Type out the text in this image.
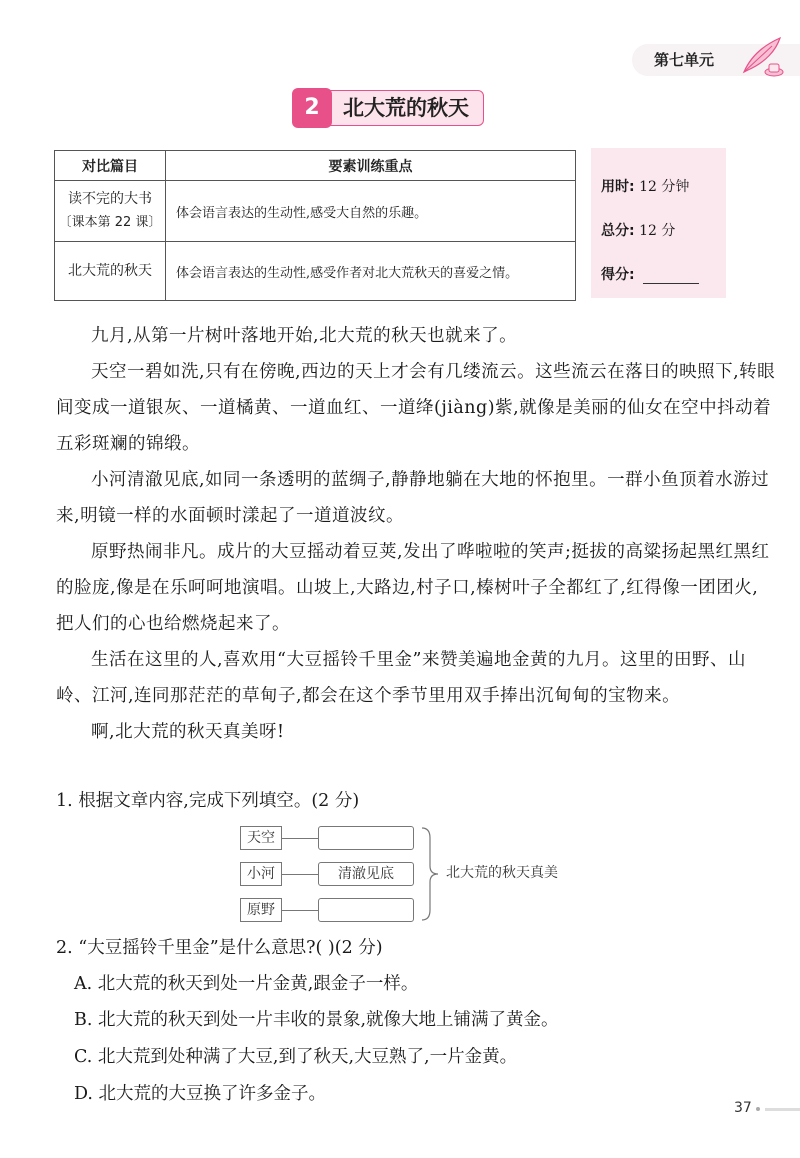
第七单元
北大荒的秋天
2
对比篇目	要素训练重点

读不完的大书
〔课本第 22 课〕	体会语言表达的生动性,感受大自然的乐趣。

北大荒的秋天	体会语言表达的生动性,感受作者对北大荒秋天的喜爱之情。
用时: 12 分钟
总分: 12 分
得分:

九月,从第一片树叶落地开始,北大荒的秋天也就来了。

天空一碧如洗,只有在傍晚,西边的天上才会有几缕流云。这些流云在落日的映照下,转眼间变成一道银灰、一道橘黄、一道血红、一道绛(jiàng)紫,就像是美丽的仙女在空中抖动着五彩斑斓的锦缎。

小河清澈见底,如同一条透明的蓝绸子,静静地躺在大地的怀抱里。一群小鱼顶着水游过来,明镜一样的水面顿时漾起了一道道波纹。

原野热闹非凡。成片的大豆摇动着豆荚,发出了哗啦啦的笑声;挺拔的高粱扬起黑红黑红的脸庞,像是在乐呵呵地演唱。山坡上,大路边,村子口,榛树叶子全都红了,红得像一团团火,把人们的心也给燃烧起来了。

生活在这里的人,喜欢用“大豆摇铃千里金”来赞美遍地金黄的九月。这里的田野、山岭、江河,连同那茫茫的草甸子,都会在这个季节里用双手捧出沉甸甸的宝物来。

啊,北大荒的秋天真美呀!

1. 根据文章内容,完成下列填空。(2 分)
天空
小河	清澈见底
原野
北大荒的秋天真美
2. “大豆摇铃千里金”是什么意思?( )(2 分)
A. 北大荒的秋天到处一片金黄,跟金子一样。
B. 北大荒的秋天到处一片丰收的景象,就像大地上铺满了黄金。
C. 北大荒到处种满了大豆,到了秋天,大豆熟了,一片金黄。
D. 北大荒的大豆换了许多金子。
37
